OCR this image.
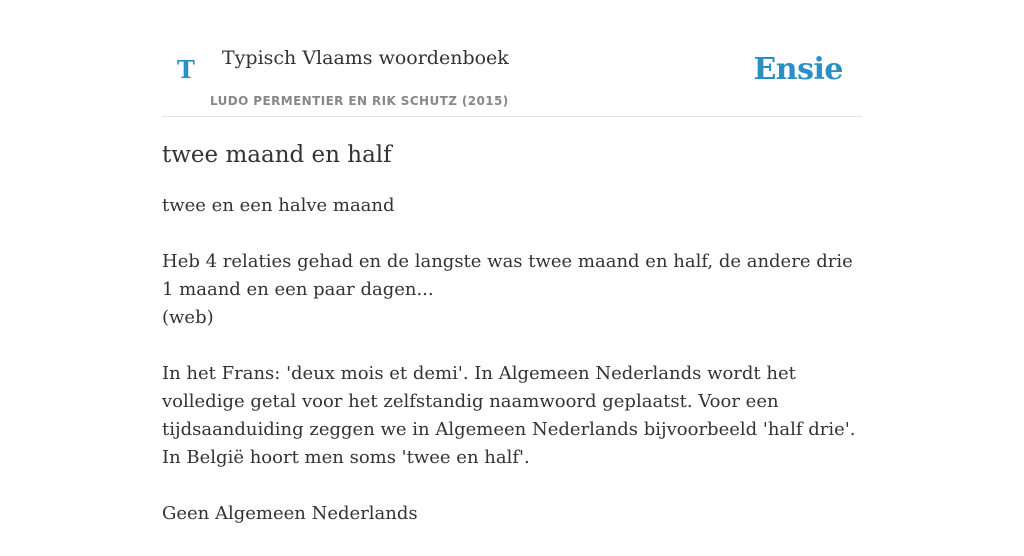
T Typisch Vlaams woordenboek
LUDO PERMENTIER EN RIK SCHUTZ (2015)
Ensie
twee maand en half

twee en een halve maand

Heb 4 relaties gehad en de langste was twee maand en half, de andere drie 1 maand en een paar dagen...
(web)

In het Frans: 'deux mois et demi'. In Algemeen Nederlands wordt het volledige getal voor het zelfstandig naamwoord geplaatst. Voor een tijdsaanduiding zeggen we in Algemeen Nederlands bijvoorbeeld 'half drie'. In België hoort men soms 'twee en half'.

Geen Algemeen Nederlands
